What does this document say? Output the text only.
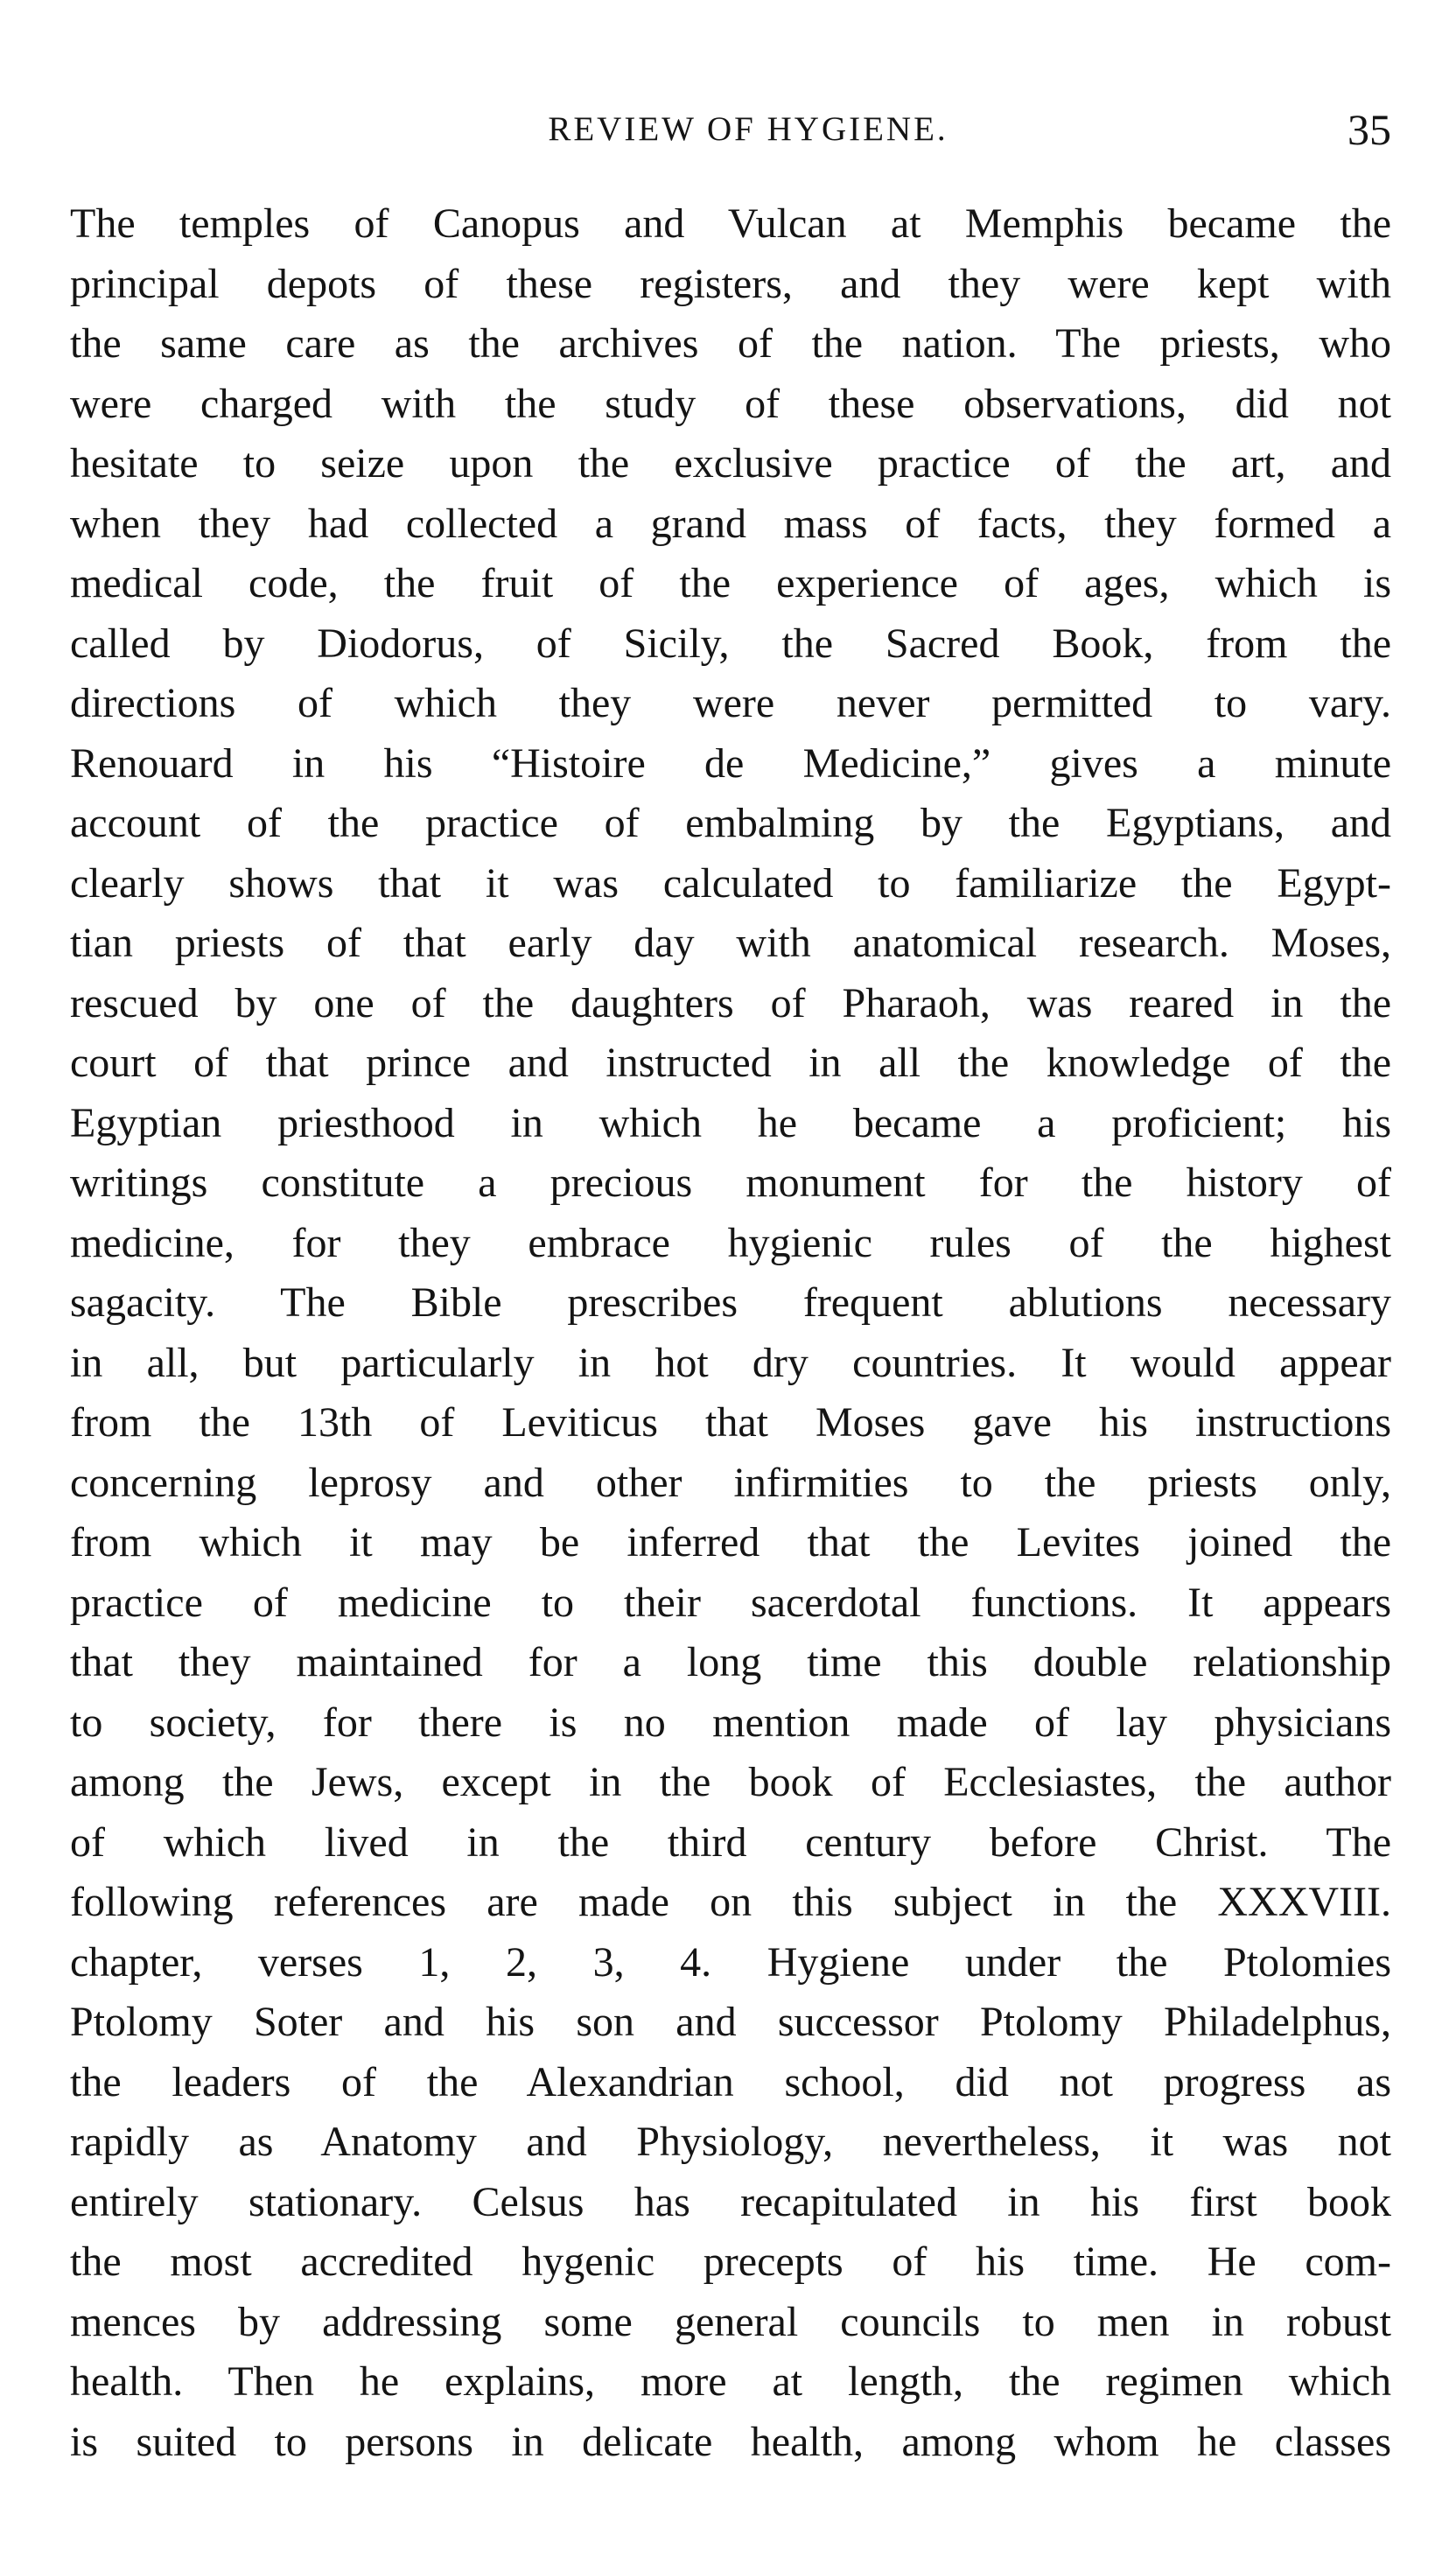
REVIEW OF HYGIENE.	35
The temples of Canopus and Vulcan at Memphis became the
principal depots of these registers, and they were kept with
the same care as the archives of the nation. The priests, who
were charged with the study of these observations, did not
hesitate to seize upon the exclusive practice of the art, and
when they had collected a grand mass of facts, they formed a
medical code, the fruit of the experience of ages, which is
called by Diodorus, of Sicily, the Sacred Book, from the
directions of which they were never permitted to vary.
Renouard in his “Histoire de Medicine,” gives a minute
account of the practice of embalming by the Egyptians, and
clearly shows that it was calculated to familiarize the Egypt-
tian priests of that early day with anatomical research. Moses,
rescued by one of the daughters of Pharaoh, was reared in the
court of that prince and instructed in all the knowledge of the
Egyptian priesthood in which he became a proficient; his
writings constitute a precious monument for the history of
medicine, for they embrace hygienic rules of the highest
sagacity. The Bible prescribes frequent ablutions necessary
in all, but particularly in hot dry countries. It would appear
from the 13th of Leviticus that Moses gave his instructions
concerning leprosy and other infirmities to the priests only,
from which it may be inferred that the Levites joined the
practice of medicine to their sacerdotal functions. It appears
that they maintained for a long time this double relationship
to society, for there is no mention made of lay physicians
among the Jews, except in the book of Ecclesiastes, the author
of which lived in the third century before Christ. The
following references are made on this subject in the XXXVIII.
chapter, verses 1, 2, 3, 4. Hygiene under the Ptolomies
Ptolomy Soter and his son and successor Ptolomy Philadelphus,
the leaders of the Alexandrian school, did not progress as
rapidly as Anatomy and Physiology, nevertheless, it was not
entirely stationary. Celsus has recapitulated in his first book
the most accredited hygenic precepts of his time. He com-
mences by addressing some general councils to men in robust
health. Then he explains, more at length, the regimen which
is suited to persons in delicate health, among whom he classes
